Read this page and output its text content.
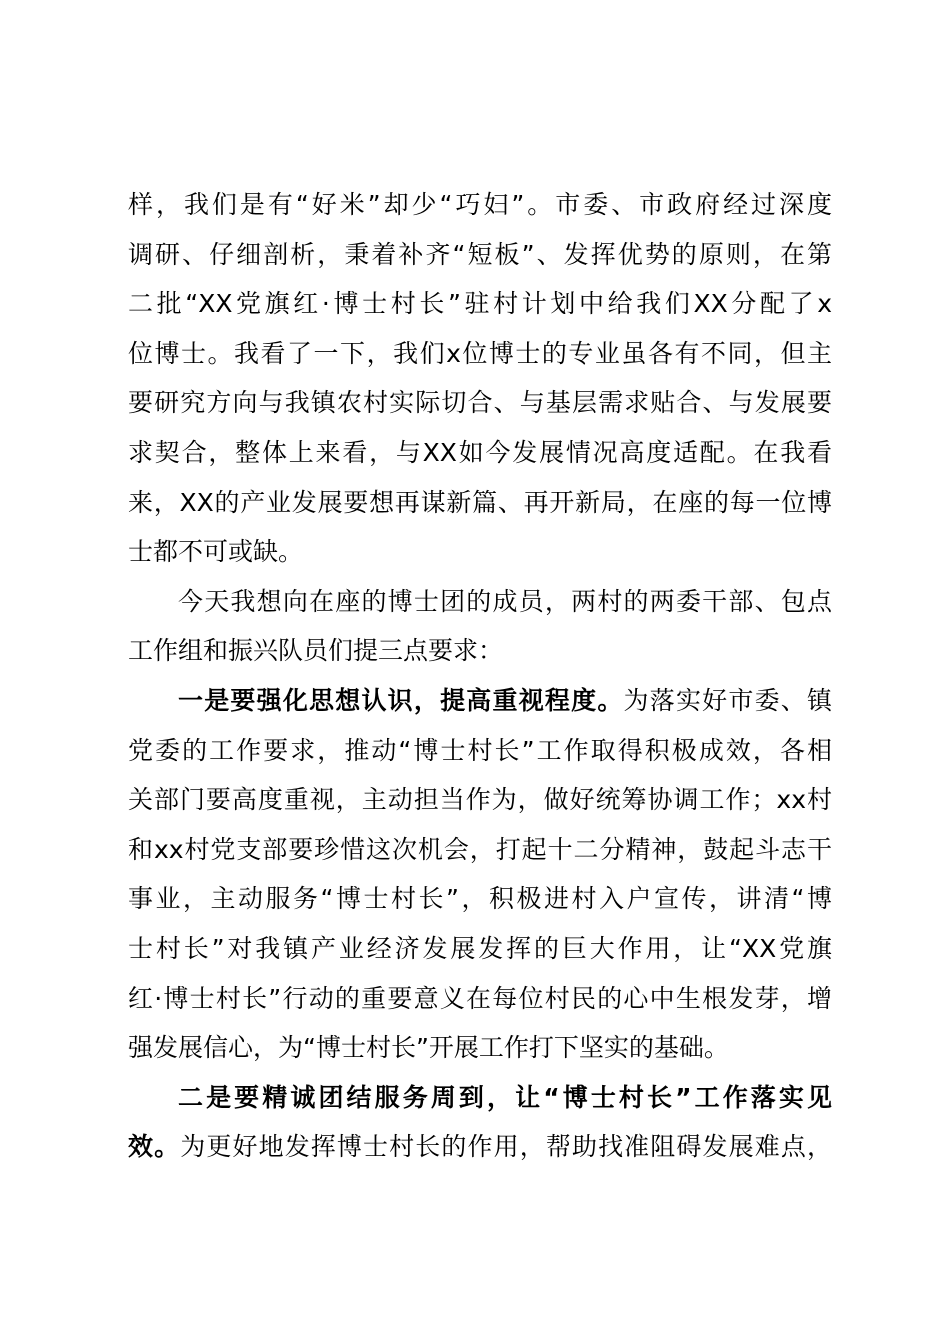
样，我们是有“好米”却少“巧妇”。市委、市政府经过深度
调研、仔细剖析，秉着补齐“短板”、发挥优势的原则，在第
二批“XX党旗红·博士村长”驻村计划中给我们XX分配了x
位博士。我看了一下，我们x位博士的专业虽各有不同，但主
要研究方向与我镇农村实际切合、与基层需求贴合、与发展要
求契合，整体上来看，与XX如今发展情况高度适配。在我看
来，XX的产业发展要想再谋新篇、再开新局，在座的每一位博
士都不可或缺。
今天我想向在座的博士团的成员，两村的两委干部、包点
工作组和振兴队员们提三点要求：
一是要强化思想认识，提高重视程度。为落实好市委、镇
党委的工作要求，推动“博士村长”工作取得积极成效，各相
关部门要高度重视，主动担当作为，做好统筹协调工作；xx村
和xx村党支部要珍惜这次机会，打起十二分精神，鼓起斗志干
事业，主动服务“博士村长”，积极进村入户宣传，讲清“博
士村长”对我镇产业经济发展发挥的巨大作用，让“XX党旗
红·博士村长”行动的重要意义在每位村民的心中生根发芽，增
强发展信心，为“博士村长”开展工作打下坚实的基础。
二是要精诚团结服务周到，让“博士村长”工作落实见
效。为更好地发挥博士村长的作用，帮助找准阻碍发展难点，
